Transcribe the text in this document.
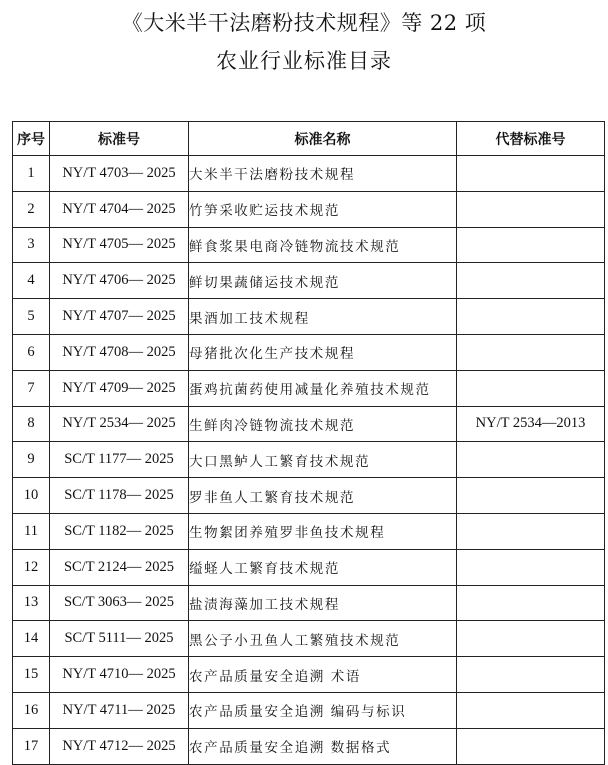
《大米半干法磨粉技术规程》等 22 项
农业行业标准目录
序号	标准号	标准名称	代替标准号
1	NY/T 4703— 2025	大米半干法磨粉技术规程	
2	NY/T 4704— 2025	竹笋采收贮运技术规范	
3	NY/T 4705— 2025	鲜食浆果电商冷链物流技术规范	
4	NY/T 4706— 2025	鲜切果蔬储运技术规范	
5	NY/T 4707— 2025	果酒加工技术规程	
6	NY/T 4708— 2025	母猪批次化生产技术规程	
7	NY/T 4709— 2025	蛋鸡抗菌药使用减量化养殖技术规范	
8	NY/T 2534— 2025	生鲜肉冷链物流技术规范	NY/T 2534—2013
9	SC/T 1177— 2025	大口黑鲈人工繁育技术规范	
10	SC/T 1178— 2025	罗非鱼人工繁育技术规范	
11	SC/T 1182— 2025	生物絮团养殖罗非鱼技术规程	
12	SC/T 2124— 2025	缢蛏人工繁育技术规范	
13	SC/T 3063— 2025	盐渍海藻加工技术规程	
14	SC/T 5111— 2025	黑公子小丑鱼人工繁殖技术规范	
15	NY/T 4710— 2025	农产品质量安全追溯 术语	
16	NY/T 4711— 2025	农产品质量安全追溯 编码与标识	
17	NY/T 4712— 2025	农产品质量安全追溯 数据格式	
